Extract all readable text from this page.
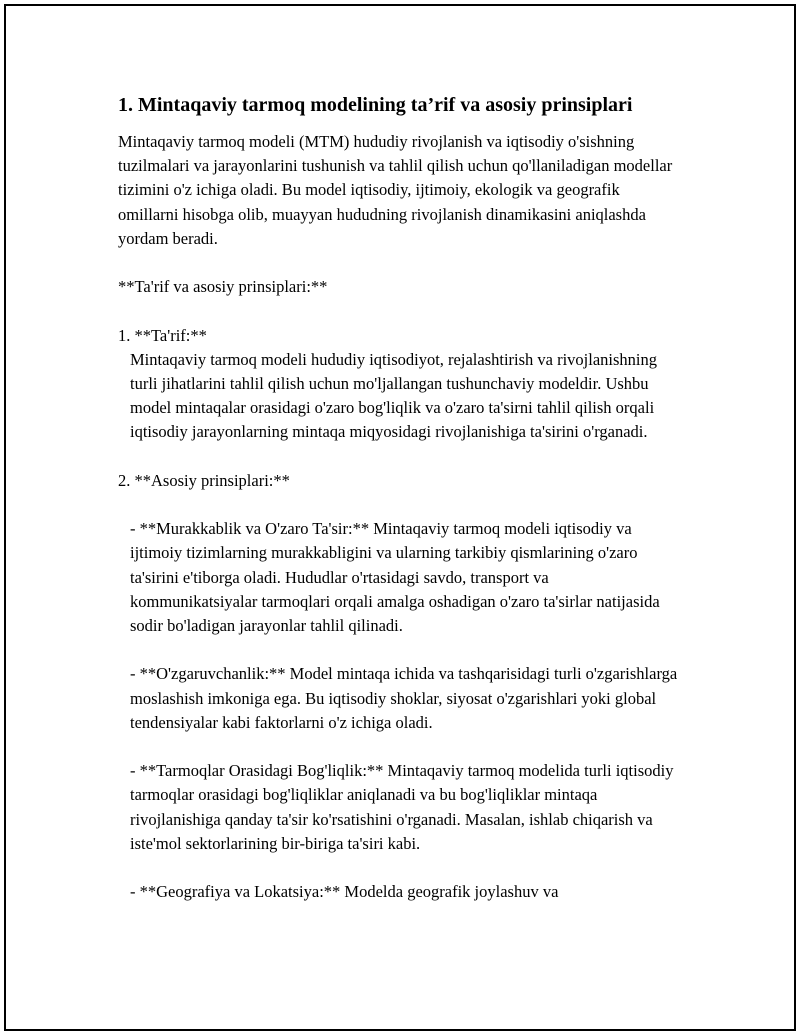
1. Mintaqaviy tarmoq modelining ta’rif va asosiy prinsiplari

Mintaqaviy tarmoq modeli (MTM) hududiy rivojlanish va iqtisodiy o'sishning tuzilmalari va jarayonlarini tushunish va tahlil qilish uchun qo'llaniladigan modellar tizimini o'z ichiga oladi. Bu model iqtisodiy, ijtimoiy, ekologik va geografik omillarni hisobga olib, muayyan hududning rivojlanish dinamikasini aniqlashda yordam beradi.

**Ta'rif va asosiy prinsiplari:**

1. **Ta'rif:**

Mintaqaviy tarmoq modeli hududiy iqtisodiyot, rejalashtirish va rivojlanishning turli jihatlarini tahlil qilish uchun mo'ljallangan tushunchaviy modeldir. Ushbu model mintaqalar orasidagi o'zaro bog'liqlik va o'zaro ta'sirni tahlil qilish orqali iqtisodiy jarayonlarning mintaqa miqyosidagi rivojlanishiga ta'sirini o'rganadi.

2. **Asosiy prinsiplari:**

- **Murakkablik va O'zaro Ta'sir:** Mintaqaviy tarmoq modeli iqtisodiy va ijtimoiy tizimlarning murakkabligini va ularning tarkibiy qismlarining o'zaro ta'sirini e'tiborga oladi. Hududlar o'rtasidagi savdo, transport va kommunikatsiyalar tarmoqlari orqali amalga oshadigan o'zaro ta'sirlar natijasida sodir bo'ladigan jarayonlar tahlil qilinadi.

- **O'zgaruvchanlik:** Model mintaqa ichida va tashqarisidagi turli o'zgarishlarga moslashish imkoniga ega. Bu iqtisodiy shoklar, siyosat o'zgarishlari yoki global tendensiyalar kabi faktorlarni o'z ichiga oladi.

- **Tarmoqlar Orasidagi Bog'liqlik:** Mintaqaviy tarmoq modelida turli iqtisodiy tarmoqlar orasidagi bog'liqliklar aniqlanadi va bu bog'liqliklar mintaqa rivojlanishiga qanday ta'sir ko'rsatishini o'rganadi. Masalan, ishlab chiqarish va iste'mol sektorlarining bir-biriga ta'siri kabi.

- **Geografiya va Lokatsiya:** Modelda geografik joylashuv va
